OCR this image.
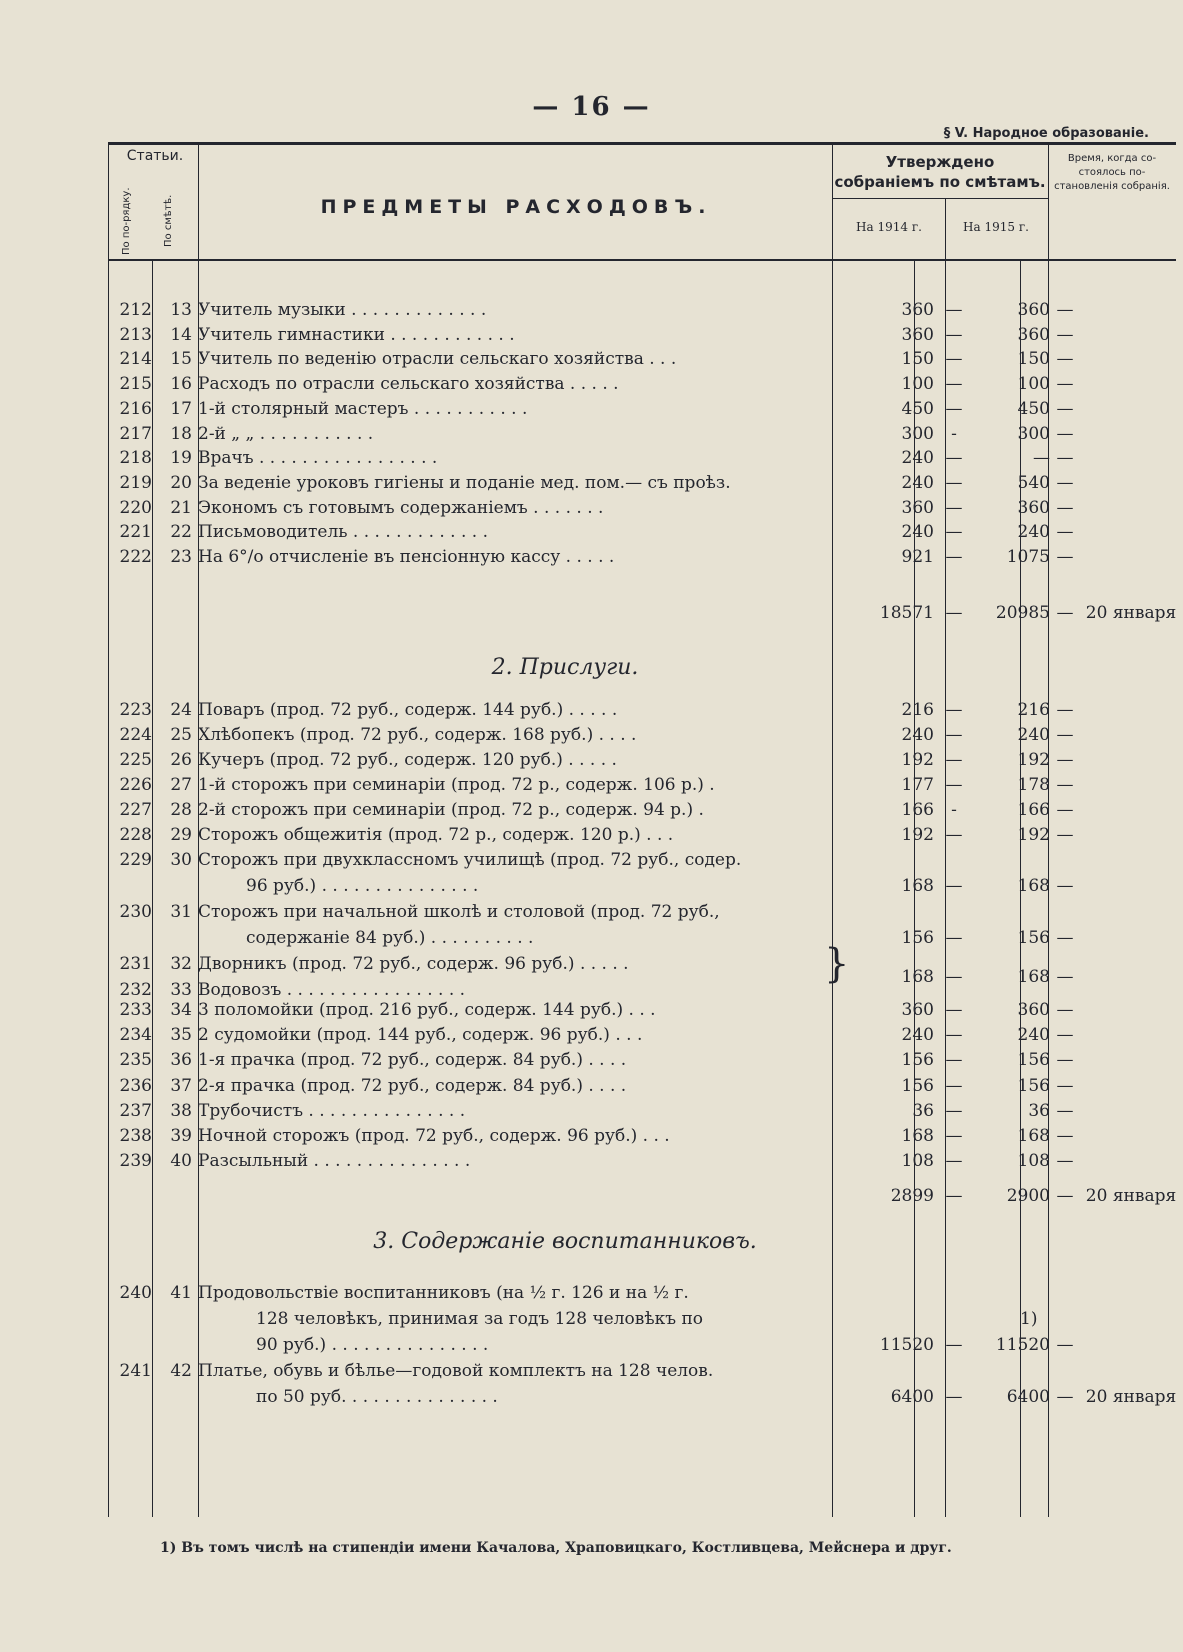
— 16 —
§ V. Народное образованіе.
Статьи.
По по-рядку.	По смѣтѣ.	ПРЕДМЕТЫ РАСХОДОВЪ.
Утверждено собраніемъ по смѣтамъ.
На 1914 г.	На 1915 г.
Время, когда со-стоялось по-становленія собранія.
212	13 Учитель музыки . . . . . . . . . . . . .	360 —	360 —
213	14 Учитель гимнастики . . . . . . . . . . . .	360 —	360 —
214	15 Учитель по веденію отрасли сельскаго хозяйства . . .	150 —	150 —
215	16 Расходъ по отрасли сельскаго хозяйства . . . . .	100 —	100 —
216	17 1-й столярный мастеръ . . . . . . . . . . .	450 —	450 —
217	18 2-й „ „ . . . . . . . . . . .	300	-	300 —
218	19 Врачъ . . . . . . . . . . . . . . . . .	240 —	— —
219	20 За веденіе уроковъ гигіены и поданіе мед. пом.— съ проѣз.	240 —	540 —
220	21 Экономъ съ готовымъ содержаніемъ . . . . . . .	360 —	360 —
221	22 Письмоводитель . . . . . . . . . . . . .	240 —	240 —
222	23 На 6°/о отчисленіе въ пенсіонную кассу . . . . .	921 —	1075 —
18571 —	20985 — 20 января
2. Прислуги.
223	24 Поваръ (прод. 72 руб., содерж. 144 руб.) . . . . .	216 —	216 —
224	25 Хлѣбопекъ (прод. 72 руб., содерж. 168 руб.) . . . .	240 —	240 —
225	26 Кучеръ (прод. 72 руб., содерж. 120 руб.) . . . . .	192 —	192 —
226	27 1-й сторожъ при семинаріи (прод. 72 р., содерж. 106 р.) .	177 —	178 —
227	28 2-й сторожъ при семинаріи (прод. 72 р., содерж. 94 р.) .	166	-	166 —
228	29 Сторожъ общежитія (прод. 72 р., содерж. 120 р.) . . .	192 —	192 —
229	30 Сторожъ при двухклассномъ училищѣ (прод. 72 руб., содер.
96 руб.) . . . . . . . . . . . . . . .	168 —	168 —
230	31 Сторожъ при начальной школѣ и столовой (прод. 72 руб.,
содержаніе 84 руб.) . . . . . . . . . .	156 —	156 —
231	32 Дворникъ (прод. 72 руб., содерж. 96 руб.) . . . . .
232	33 Водовозъ . . . . . . . . . . . . . . . . .
}	168 —	168 —
233	34 3 поломойки (прод. 216 руб., содерж. 144 руб.) . . .	360 —	360 —
234	35 2 судомойки (прод. 144 руб., содерж. 96 руб.) . . .	240 —	240 —
235	36 1-я прачка (прод. 72 руб., содерж. 84 руб.) . . . .	156 —	156 —
236	37 2-я прачка (прод. 72 руб., содерж. 84 руб.) . . . .	156 —	156 —
237	38 Трубочистъ . . . . . . . . . . . . . . .	36 —	36 —
238	39 Ночной сторожъ (прод. 72 руб., содерж. 96 руб.) . . .	168 —	168 —
239	40 Разсыльный . . . . . . . . . . . . . . .	108 —	108 —
2899 —	2900 — 20 января
3. Содержаніе воспитанниковъ.
240	41 Продовольствіе воспитанниковъ (на ½ г. 126 и на ½ г.
128 человѣкъ, принимая за годъ 128 человѣкъ по	1)
90 руб.) . . . . . . . . . . . . . . .	11520 —	11520 —
241	42 Платье, обувь и бѣлье—годовой комплектъ на 128 челов.
по 50 руб. . . . . . . . . . . . . . .	6400 —	6400 — 20 января
1) Въ томъ числѣ на стипендіи имени Качалова, Храповицкаго, Костливцева, Мейснера и друг.
